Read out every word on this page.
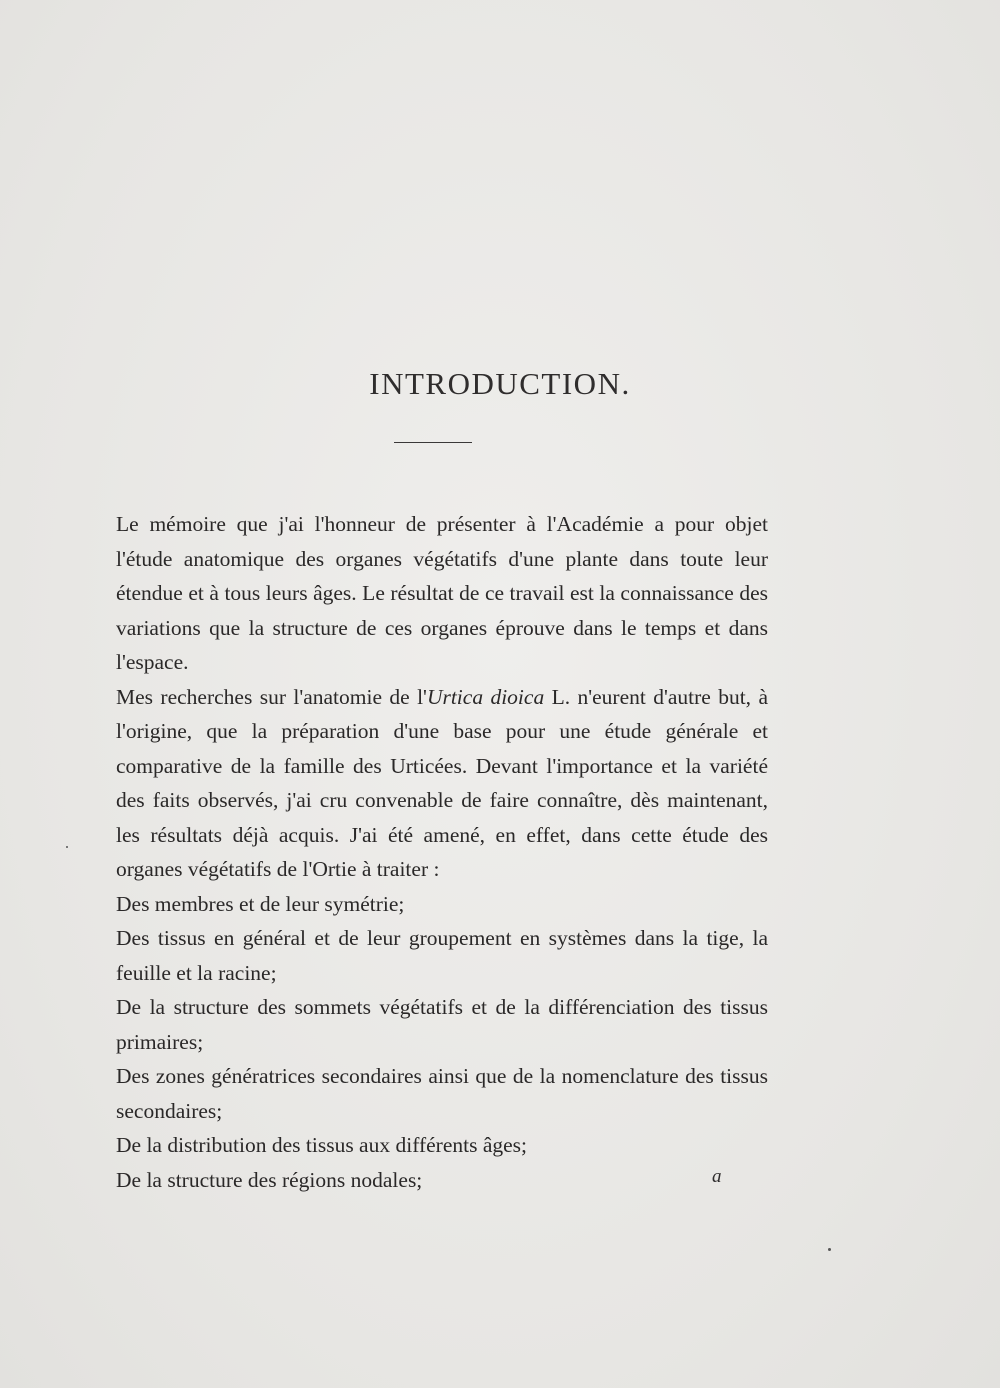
INTRODUCTION.

Le mémoire que j'ai l'honneur de présenter à l'Académie a pour objet l'étude anatomique des organes végétatifs d'une plante dans toute leur étendue et à tous leurs âges. Le résultat de ce travail est la connaissance des variations que la structure de ces organes éprouve dans le temps et dans l'espace.

Mes recherches sur l'anatomie de l'Urtica dioica L. n'eurent d'autre but, à l'origine, que la préparation d'une base pour une étude générale et comparative de la famille des Urticées. Devant l'importance et la variété des faits observés, j'ai cru convenable de faire connaître, dès maintenant, les résultats déjà acquis. J'ai été amené, en effet, dans cette étude des organes végétatifs de l'Ortie à traiter :

Des membres et de leur symétrie;

Des tissus en général et de leur groupement en systèmes dans la tige, la feuille et la racine;

De la structure des sommets végétatifs et de la différenciation des tissus primaires;

Des zones génératrices secondaires ainsi que de la nomenclature des tissus secondaires;

De la distribution des tissus aux différents âges;

De la structure des régions nodales;	a
